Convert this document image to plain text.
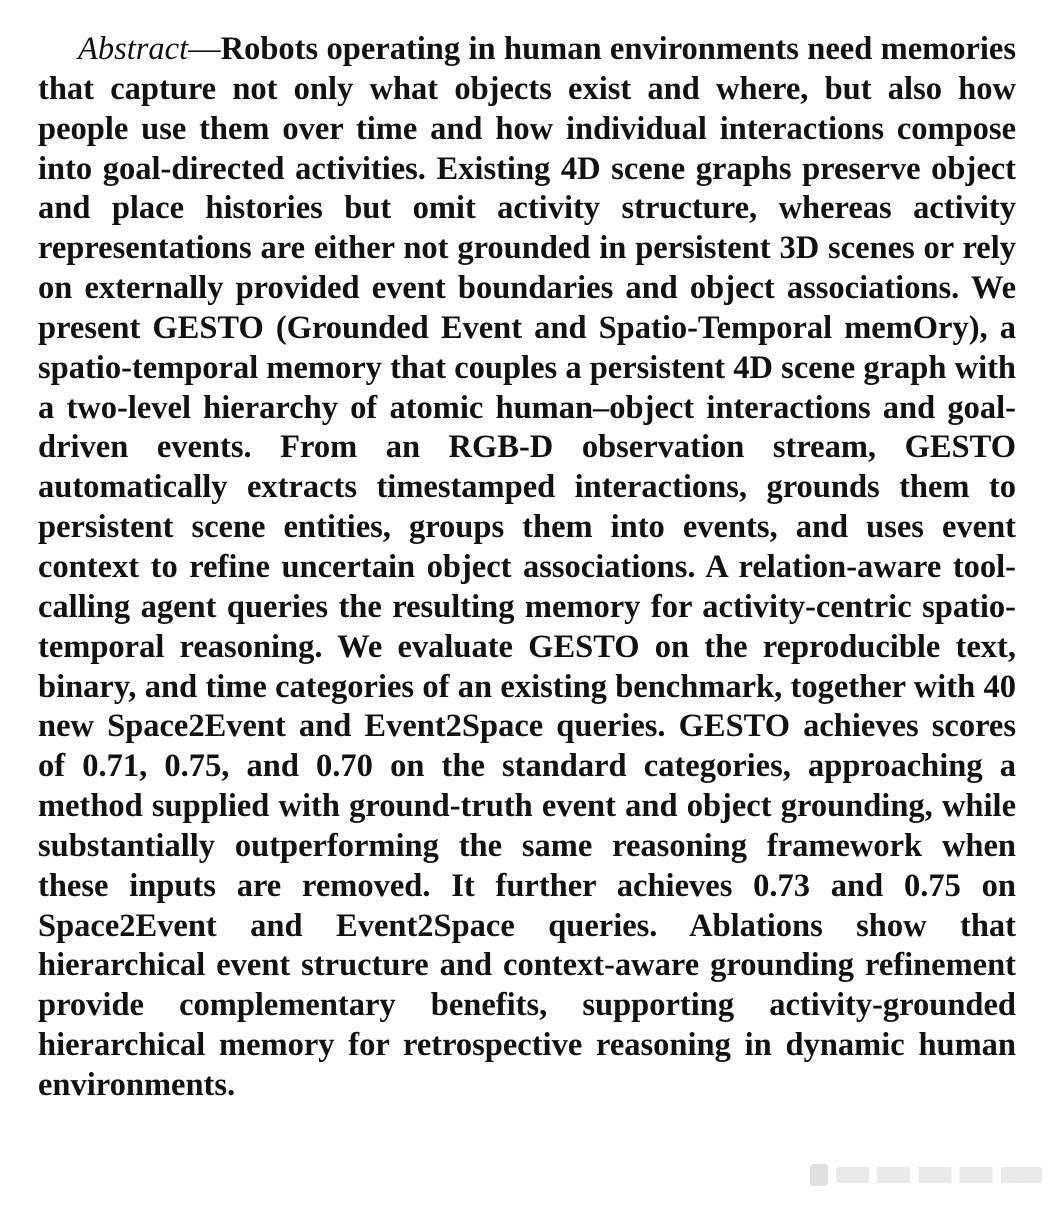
Abstract—Robots operating in human environments need memories that capture not only what objects exist and where, but also how people use them over time and how individual interactions compose into goal-directed activities. Existing 4D scene graphs preserve object and place histories but omit activity structure, whereas activity representations are either not grounded in persistent 3D scenes or rely on externally provided event boundaries and object associations. We present GESTO (Grounded Event and Spatio-Temporal memOry), a spatio-temporal memory that couples a persistent 4D scene graph with a two-level hierarchy of atomic human–object interactions and goal-driven events. From an RGB-D observation stream, GESTO automatically extracts timestamped interactions, grounds them to persistent scene entities, groups them into events, and uses event context to refine uncertain object associations. A relation-aware tool-calling agent queries the resulting memory for activity-centric spatio-temporal reasoning. We evaluate GESTO on the reproducible text, binary, and time categories of an existing benchmark, together with 40 new Space2Event and Event2Space queries. GESTO achieves scores of 0.71, 0.75, and 0.70 on the standard categories, approaching a method supplied with ground-truth event and object grounding, while substantially outperforming the same reasoning framework when these inputs are removed. It further achieves 0.73 and 0.75 on Space2Event and Event2Space queries. Ablations show that hierarchical event structure and context-aware grounding refinement provide complementary benefits, supporting activity-grounded hierarchical memory for retrospective reasoning in dynamic human environments.
